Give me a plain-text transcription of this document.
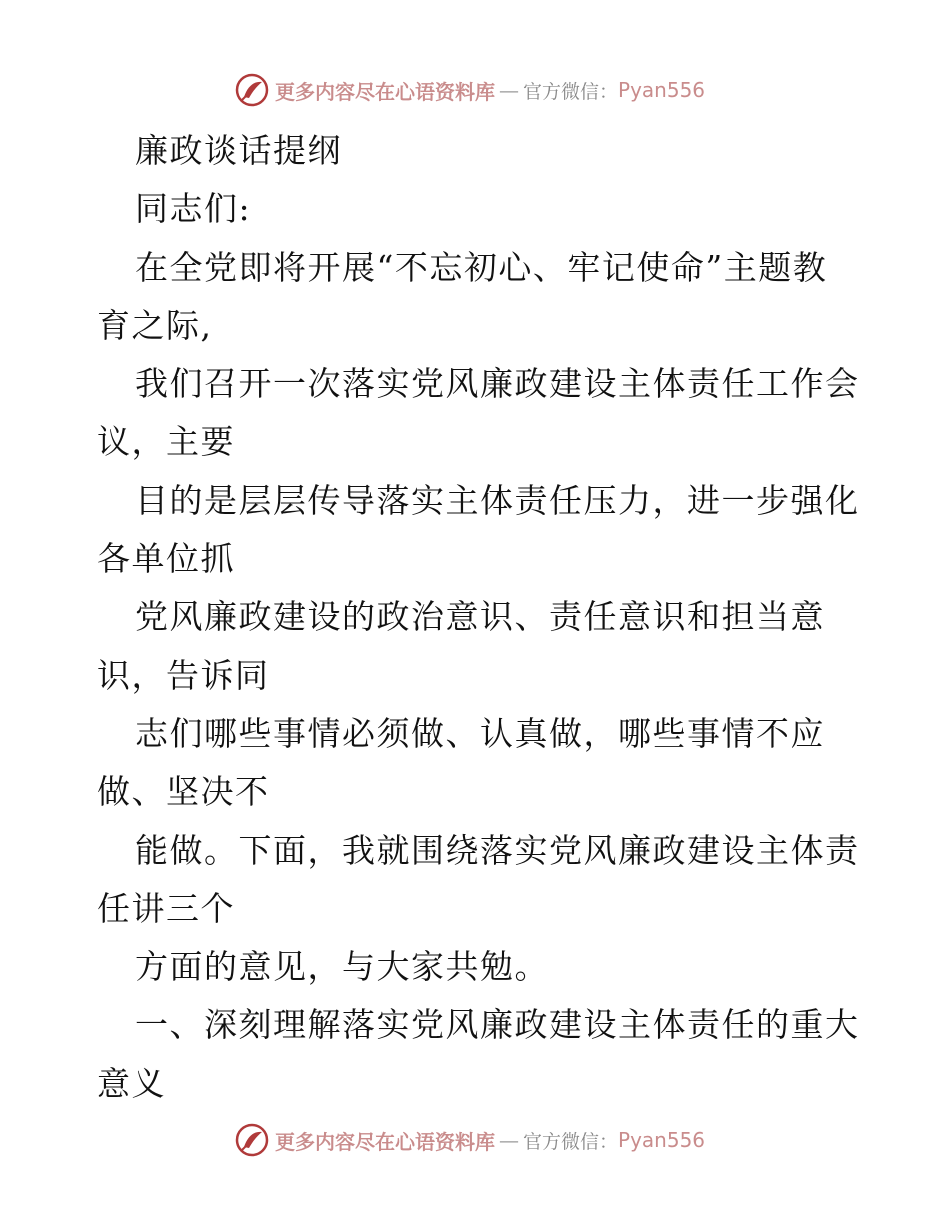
更多内容尽在心语资料库 — 官方微信： Pyan556
廉政谈话提纲
同志们:
在全党即将开展“不忘初心、牢记使命”主题教
育之际,
我们召开一次落实党风廉政建设主体责任工作会
议，主要
目的是层层传导落实主体责任压力，进一步强化
各单位抓
党风廉政建设的政治意识、责任意识和担当意
识，告诉同
志们哪些事情必须做、认真做，哪些事情不应
做、坚决不
能做。下面，我就围绕落实党风廉政建设主体责
任讲三个
方面的意见，与大家共勉。
一、深刻理解落实党风廉政建设主体责任的重大
意义
更多内容尽在心语资料库 — 官方微信： Pyan556
